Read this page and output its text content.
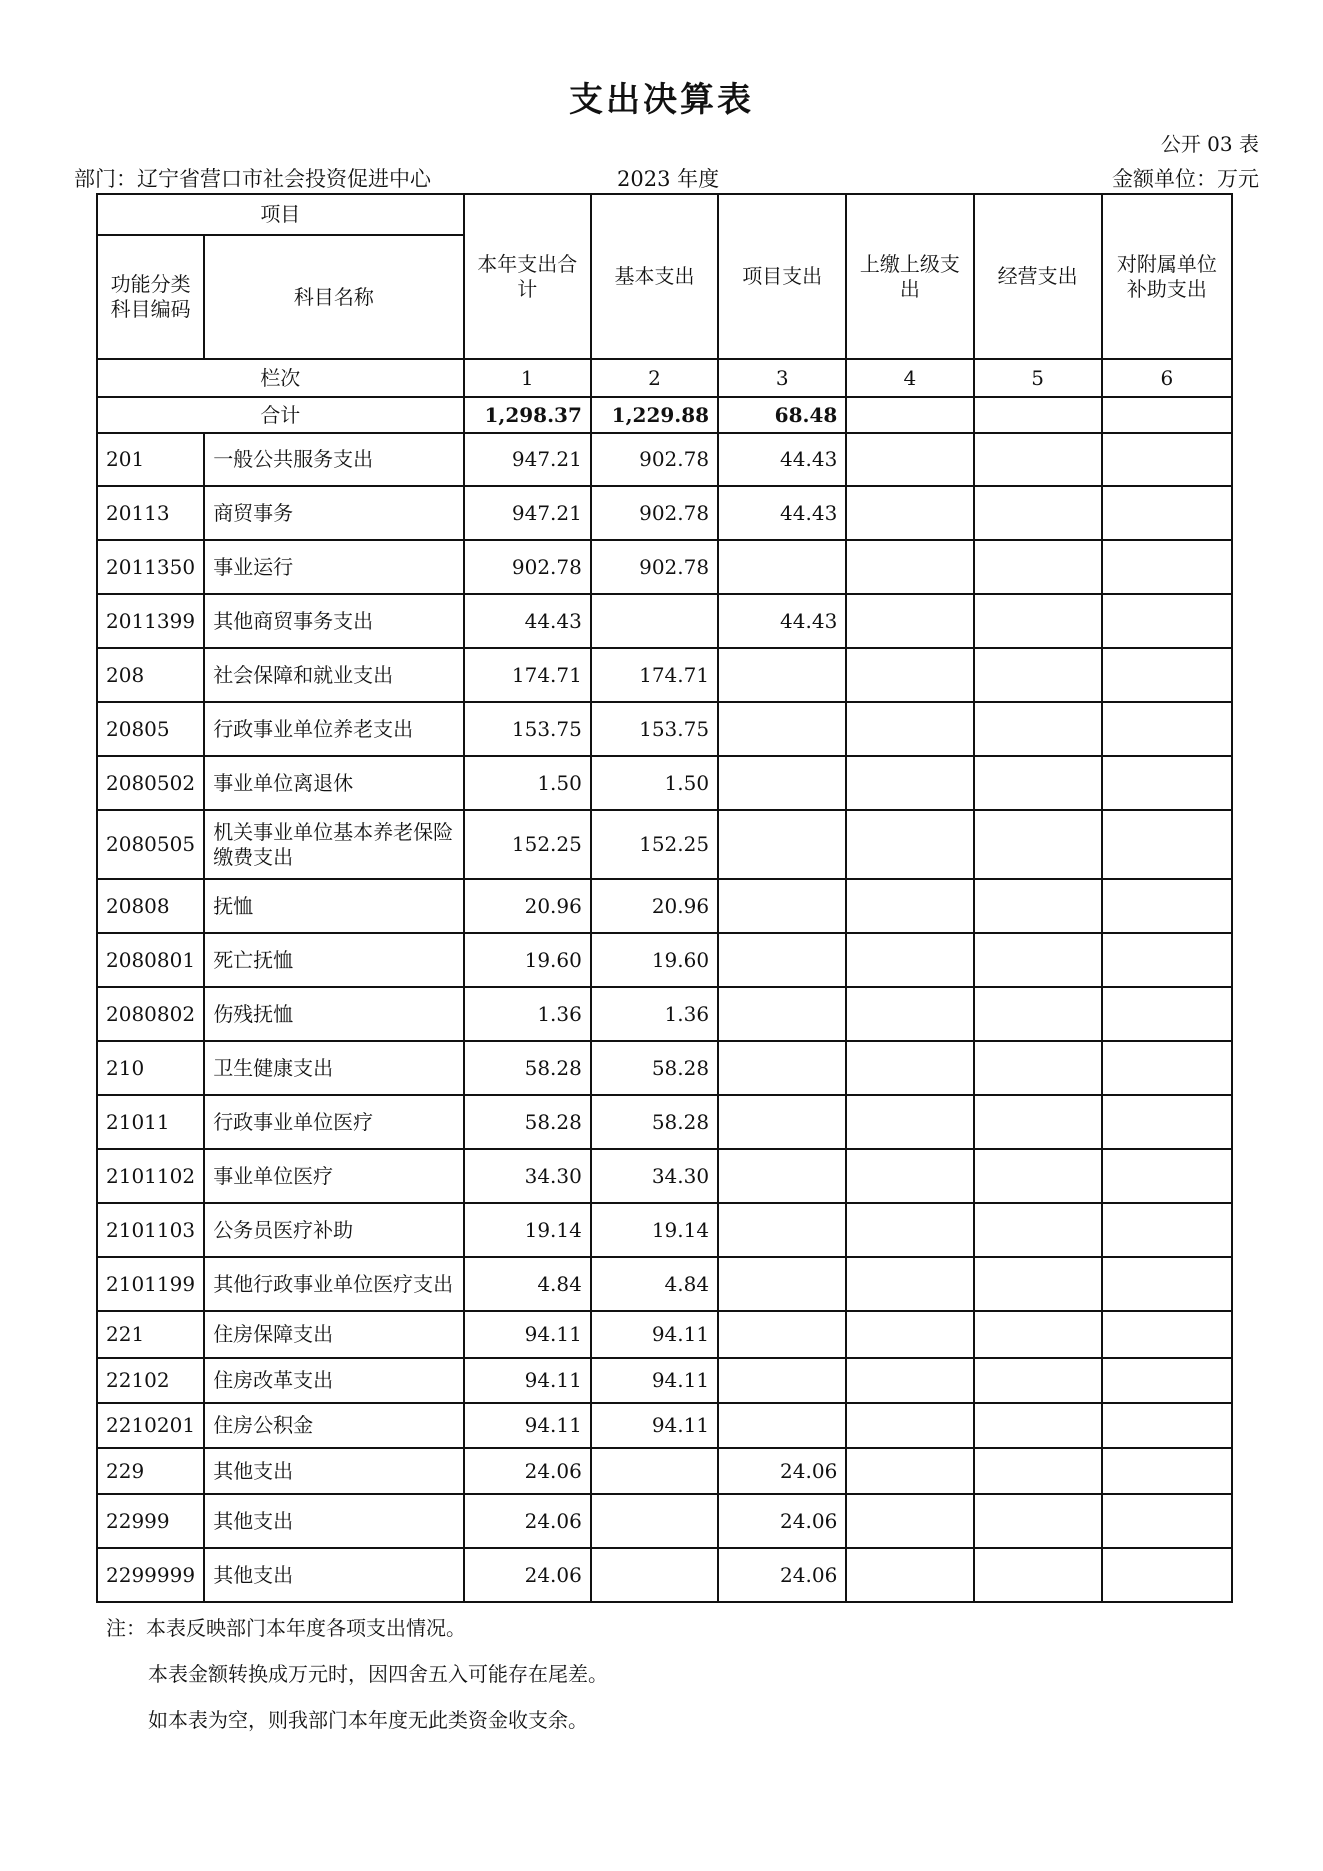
支出决算表
公开 03 表
部门：辽宁省营口市社会投资促进中心	2023 年度	金额单位：万元
项目		本年支出合计	基本支出	项目支出	上缴上级支出	经营支出	对附属单位补助支出
功能分类科目编码	科目名称						
栏次		1	2	3	4	5	6
合计		1,298.37	1,229.88	68.48			
201	一般公共服务支出	947.21	902.78	44.43			
20113	商贸事务	947.21	902.78	44.43			
2011350	事业运行	902.78	902.78				
2011399	其他商贸事务支出	44.43		44.43			
208	社会保障和就业支出	174.71	174.71				
20805	行政事业单位养老支出	153.75	153.75				
2080502	事业单位离退休	1.50	1.50				
2080505	机关事业单位基本养老保险缴费支出	152.25	152.25				
20808	抚恤	20.96	20.96				
2080801	死亡抚恤	19.60	19.60				
2080802	伤残抚恤	1.36	1.36				
210	卫生健康支出	58.28	58.28				
21011	行政事业单位医疗	58.28	58.28				
2101102	事业单位医疗	34.30	34.30				
2101103	公务员医疗补助	19.14	19.14				
2101199	其他行政事业单位医疗支出	4.84	4.84				
221	住房保障支出	94.11	94.11				
22102	住房改革支出	94.11	94.11				
2210201	住房公积金	94.11	94.11				
229	其他支出	24.06		24.06			
22999	其他支出	24.06		24.06			
2299999	其他支出	24.06		24.06			
注：本表反映部门本年度各项支出情况。
本表金额转换成万元时，因四舍五入可能存在尾差。
如本表为空，则我部门本年度无此类资金收支余。
